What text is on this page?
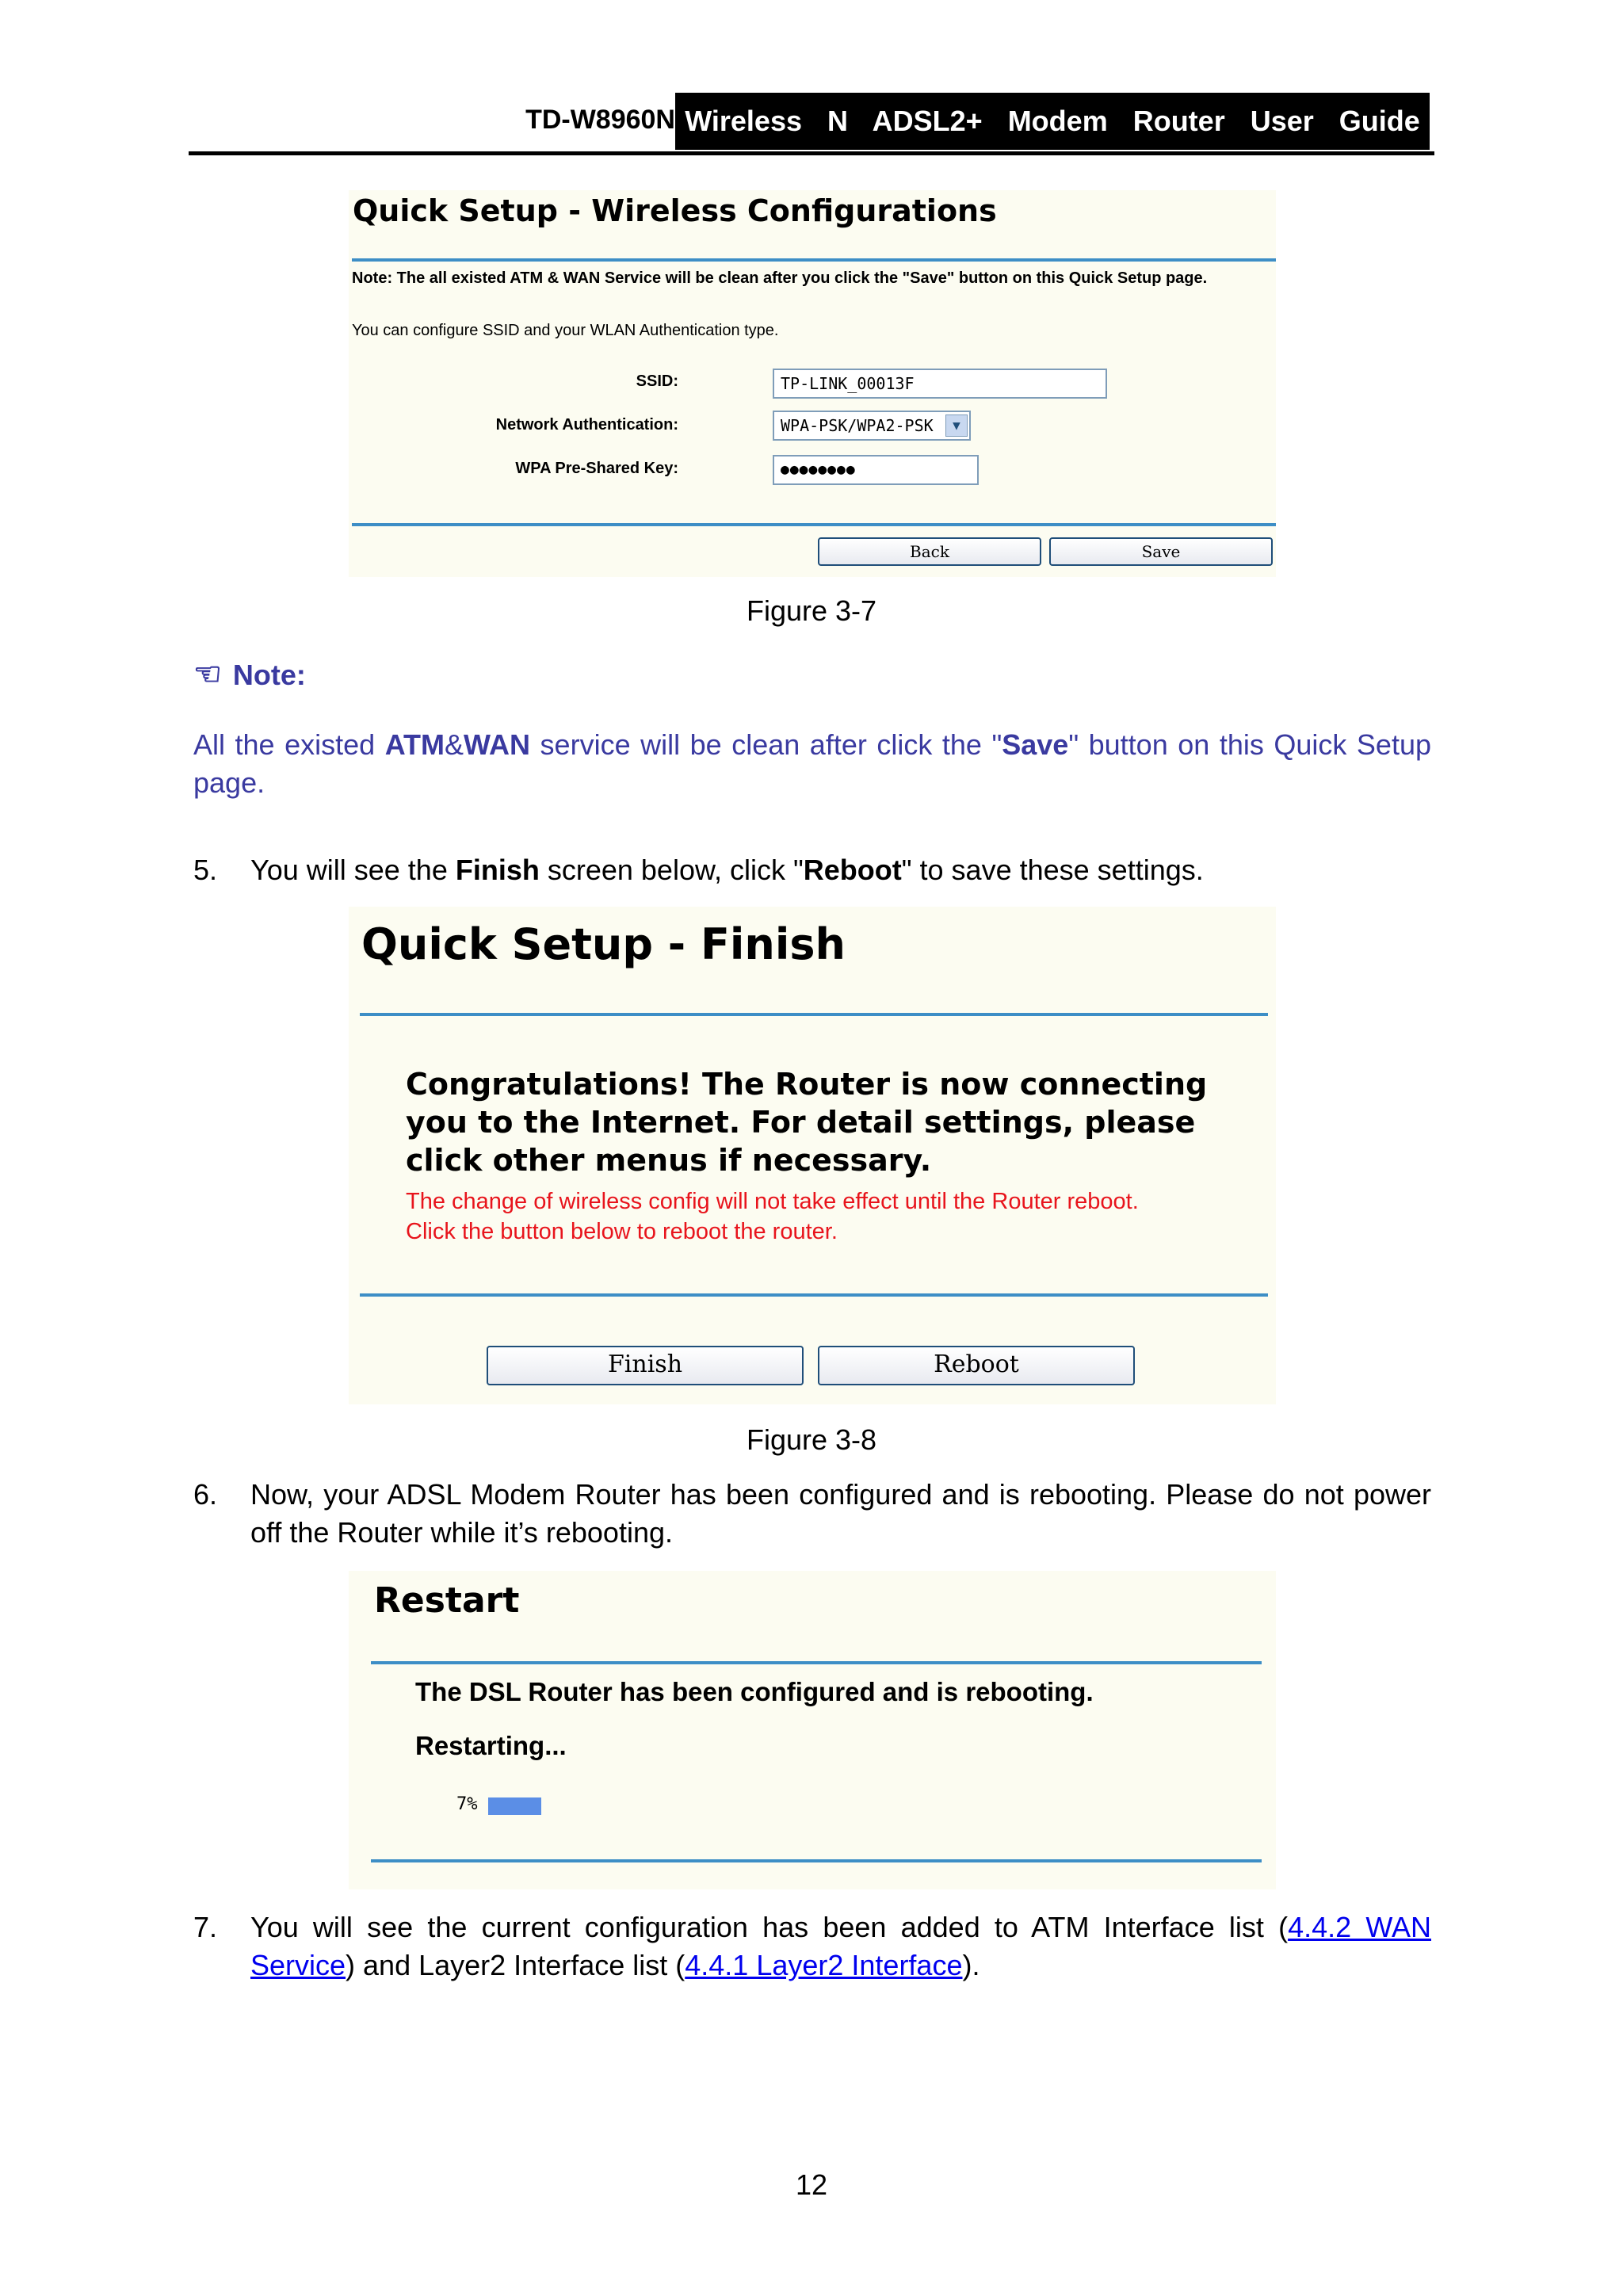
TD-W8960N Wireless  N  ADSL2+  Modem  Router  User  Guide
Quick Setup - Wireless Configurations
Note: The all existed ATM & WAN Service will be clean after you click the "Save" button on this Quick Setup page.
You can configure SSID and your WLAN Authentication type.
SSID:	TP-LINK_00013F
Network Authentication:	WPA-PSK/WPA2-PSK	▼
WPA Pre-Shared Key:	●●●●●●●●
Back	Save
Figure 3-7
☜ Note:
All the existed ATM&WAN service will be clean after click the "Save" button on this Quick Setup page.
5. You will see the Finish screen below, click "Reboot" to save these settings.
Quick Setup - Finish
Congratulations! The Router is now connecting you to the Internet. For detail settings, please click other menus if necessary.
The change of wireless config will not take effect until the Router reboot.
Click the button below to reboot the router.
Finish	Reboot
Figure 3-8
6. Now, your ADSL Modem Router has been configured and is rebooting. Please do not power off the Router while it’s rebooting.
Restart
The DSL Router has been configured and is rebooting.
Restarting...
7%
7. You will see the current configuration has been added to ATM Interface list (4.4.2 WAN Service) and Layer2 Interface list (4.4.1 Layer2 Interface).
12
